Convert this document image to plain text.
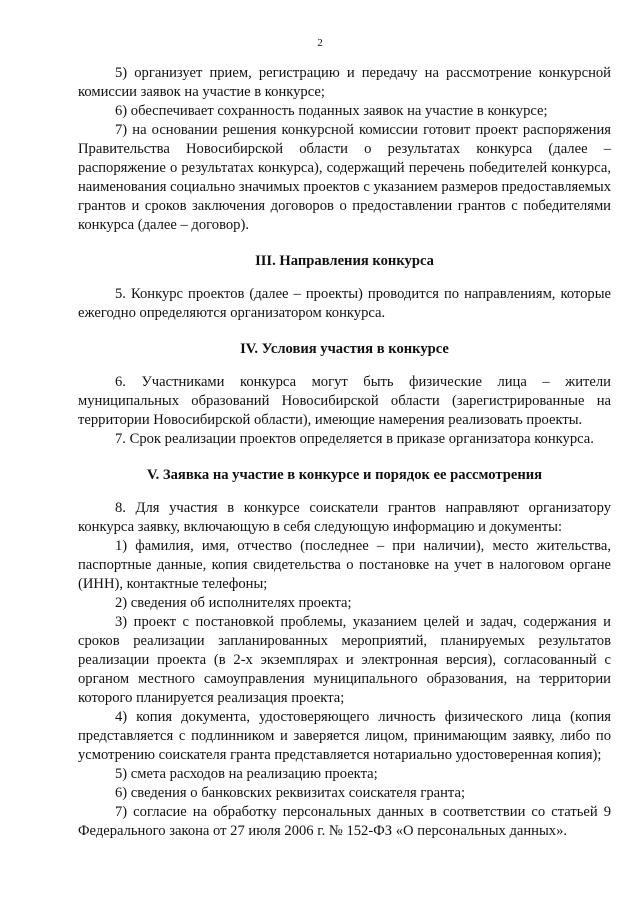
2

5) организует прием, регистрацию и передачу на рассмотрение конкурсной комиссии заявок на участие в конкурсе;

6) обеспечивает сохранность поданных заявок на участие в конкурсе;

7) на основании решения конкурсной комиссии готовит проект распоряжения Правительства Новосибирской области о результатах конкурса (далее – распоряжение о результатах конкурса), содержащий перечень победителей конкурса, наименования социально значимых проектов с указанием размеров предоставляемых грантов и сроков заключения договоров о предоставлении грантов с победителями конкурса (далее – договор).

III. Направления конкурса

5. Конкурс проектов (далее – проекты) проводится по направлениям, которые ежегодно определяются организатором конкурса.

IV. Условия участия в конкурсе

6. Участниками конкурса могут быть физические лица – жители муниципальных образований Новосибирской области (зарегистрированные на территории Новосибирской области), имеющие намерения реализовать проекты.

7. Срок реализации проектов определяется в приказе организатора конкурса.

V. Заявка на участие в конкурсе и порядок ее рассмотрения

8. Для участия в конкурсе соискатели грантов направляют организатору конкурса заявку, включающую в себя следующую информацию и документы:

1) фамилия, имя, отчество (последнее – при наличии), место жительства, паспортные данные, копия свидетельства о постановке на учет в налоговом органе (ИНН), контактные телефоны;

2) сведения об исполнителях проекта;

3) проект с постановкой проблемы, указанием целей и задач, содержания и сроков реализации запланированных мероприятий, планируемых результатов реализации проекта (в 2-х экземплярах и электронная версия), согласованный с органом местного самоуправления муниципального образования, на территории которого планируется реализация проекта;

4) копия документа, удостоверяющего личность физического лица (копия представляется с подлинником и заверяется лицом, принимающим заявку, либо по усмотрению соискателя гранта представляется нотариально удостоверенная копия);

5) смета расходов на реализацию проекта;

6) сведения о банковских реквизитах соискателя гранта;

7) согласие на обработку персональных данных в соответствии со статьей 9 Федерального закона от 27 июля 2006 г. № 152-ФЗ «О персональных данных».
